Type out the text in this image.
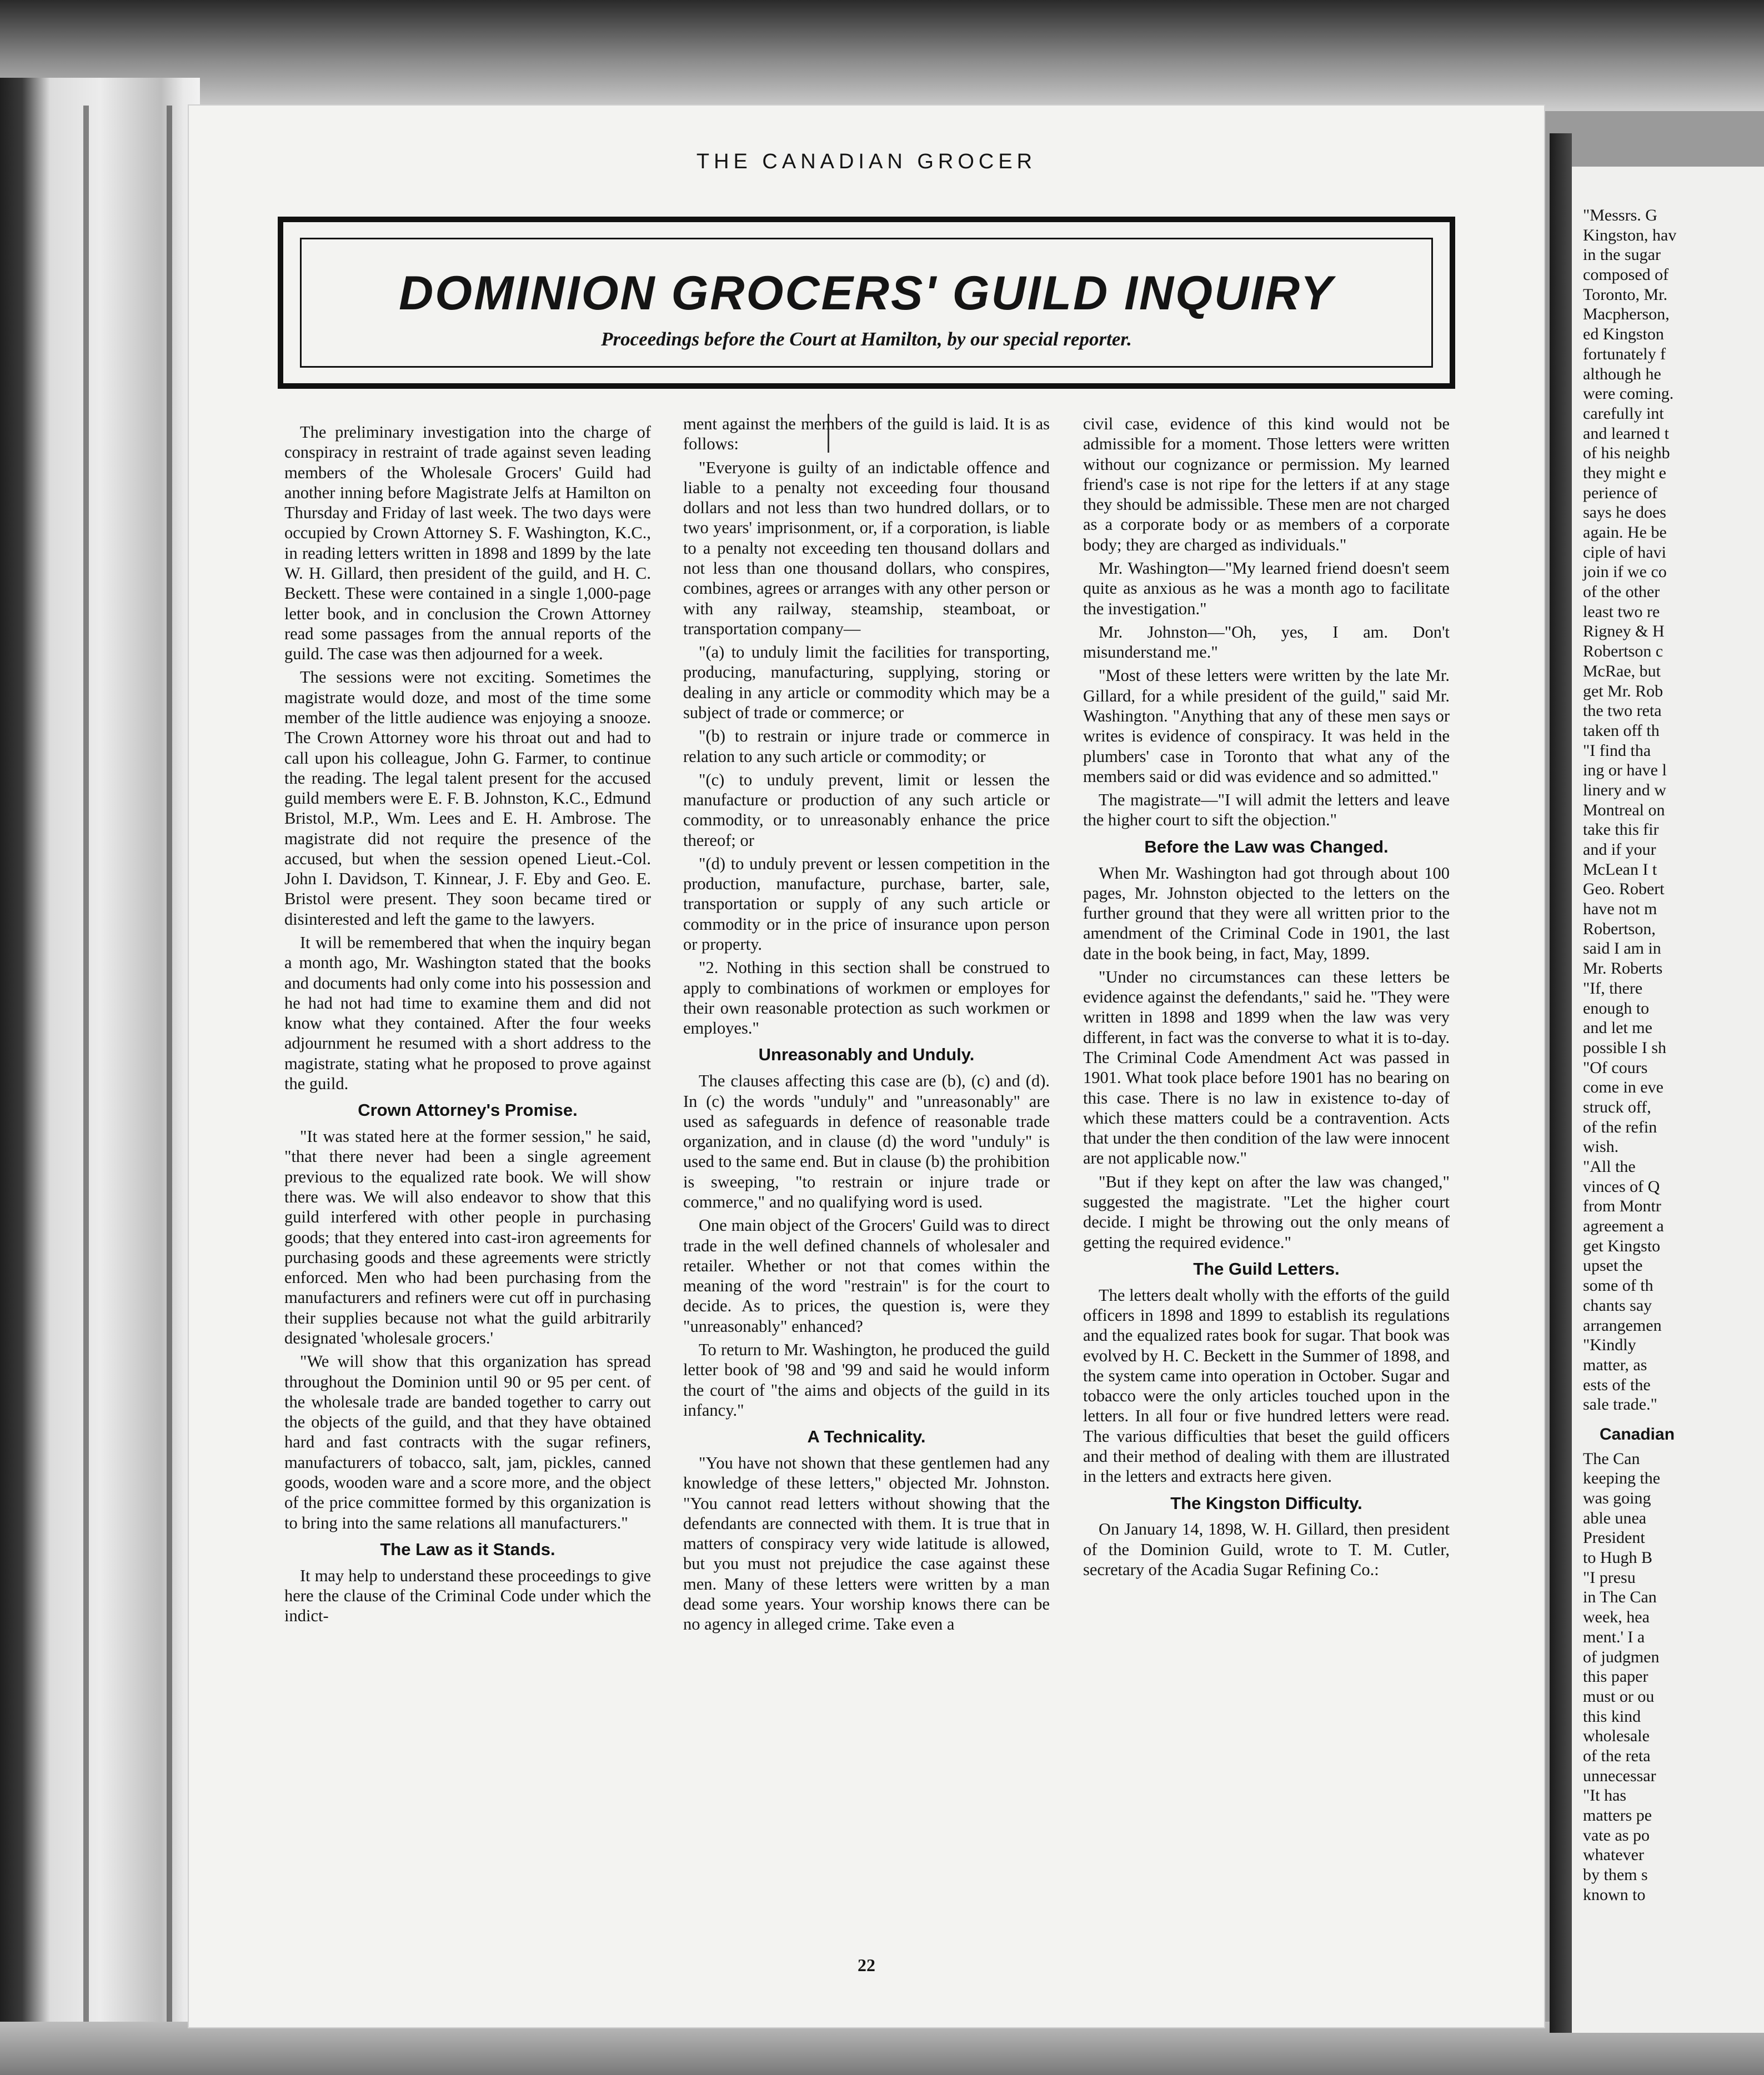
THE CANADIAN GROCER
DOMINION GROCERS' GUILD INQUIRY
Proceedings before the Court at Hamilton, by our special reporter.

The preliminary investigation into the charge of conspiracy in restraint of trade against seven leading members of the Wholesale Grocers' Guild had another inning before Magistrate Jelfs at Hamilton on Thursday and Friday of last week. The two days were occupied by Crown Attorney S. F. Washington, K.C., in reading letters written in 1898 and 1899 by the late W. H. Gillard, then president of the guild, and H. C. Beckett. These were contained in a single 1,000-page letter book, and in conclusion the Crown Attorney read some passages from the annual reports of the guild. The case was then adjourned for a week.

The sessions were not exciting. Sometimes the magistrate would doze, and most of the time some member of the little audience was enjoying a snooze. The Crown Attorney wore his throat out and had to call upon his colleague, John G. Farmer, to continue the reading. The legal talent present for the accused guild members were E. F. B. Johnston, K.C., Edmund Bristol, M.P., Wm. Lees and E. H. Ambrose. The magistrate did not require the presence of the accused, but when the session opened Lieut.-Col. John I. Davidson, T. Kinnear, J. F. Eby and Geo. E. Bristol were present. They soon became tired or disinterested and left the game to the lawyers.

It will be remembered that when the inquiry began a month ago, Mr. Washington stated that the books and documents had only come into his possession and he had not had time to examine them and did not know what they contained. After the four weeks adjournment he resumed with a short address to the magistrate, stating what he proposed to prove against the guild.

Crown Attorney's Promise.

"It was stated here at the former session," he said, "that there never had been a single agreement previous to the equalized rate book. We will show there was. We will also endeavor to show that this guild interfered with other people in purchasing goods; that they entered into cast-iron agreements for purchasing goods and these agreements were strictly enforced. Men who had been purchasing from the manufacturers and refiners were cut off in purchasing their supplies because not what the guild arbitrarily designated 'wholesale grocers.'

"We will show that this organization has spread throughout the Dominion until 90 or 95 per cent. of the wholesale trade are banded together to carry out the objects of the guild, and that they have obtained hard and fast contracts with the sugar refiners, manufacturers of tobacco, salt, jam, pickles, canned goods, wooden ware and a score more, and the object of the price committee formed by this organization is to bring into the same relations all manufacturers."

The Law as it Stands.

It may help to understand these proceedings to give here the clause of the Criminal Code under which the indict-

ment against the members of the guild is laid. It is as follows:

"Everyone is guilty of an indictable offence and liable to a penalty not exceeding four thousand dollars and not less than two hundred dollars, or to two years' imprisonment, or, if a corporation, is liable to a penalty not exceeding ten thousand dollars and not less than one thousand dollars, who conspires, combines, agrees or arranges with any other person or with any railway, steamship, steamboat, or transportation company—

"(a) to unduly limit the facilities for transporting, producing, manufacturing, supplying, storing or dealing in any article or commodity which may be a subject of trade or commerce; or

"(b) to restrain or injure trade or commerce in relation to any such article or commodity; or

"(c) to unduly prevent, limit or lessen the manufacture or production of any such article or commodity, or to unreasonably enhance the price thereof; or

"(d) to unduly prevent or lessen competition in the production, manufacture, purchase, barter, sale, transportation or supply of any such article or commodity or in the price of insurance upon person or property.

"2. Nothing in this section shall be construed to apply to combinations of workmen or employes for their own reasonable protection as such workmen or employes."

Unreasonably and Unduly.

The clauses affecting this case are (b), (c) and (d). In (c) the words "unduly" and "unreasonably" are used as safeguards in defence of reasonable trade organization, and in clause (d) the word "unduly" is used to the same end. But in clause (b) the prohibition is sweeping, "to restrain or injure trade or commerce," and no qualifying word is used.

One main object of the Grocers' Guild was to direct trade in the well defined channels of wholesaler and retailer. Whether or not that comes within the meaning of the word "restrain" is for the court to decide. As to prices, the question is, were they "unreasonably" enhanced?

To return to Mr. Washington, he produced the guild letter book of '98 and '99 and said he would inform the court of "the aims and objects of the guild in its infancy."

A Technicality.

"You have not shown that these gentlemen had any knowledge of these letters," objected Mr. Johnston. "You cannot read letters without showing that the defendants are connected with them. It is true that in matters of conspiracy very wide latitude is allowed, but you must not prejudice the case against these men. Many of these letters were written by a man dead some years. Your worship knows there can be no agency in alleged crime. Take even a

civil case, evidence of this kind would not be admissible for a moment. Those letters were written without our cognizance or permission. My learned friend's case is not ripe for the letters if at any stage they should be admissible. These men are not charged as a corporate body or as members of a corporate body; they are charged as individuals."

Mr. Washington—"My learned friend doesn't seem quite as anxious as he was a month ago to facilitate the investigation."

Mr. Johnston—"Oh, yes, I am. Don't misunderstand me."

"Most of these letters were written by the late Mr. Gillard, for a while president of the guild," said Mr. Washington. "Anything that any of these men says or writes is evidence of conspiracy. It was held in the plumbers' case in Toronto that what any of the members said or did was evidence and so admitted."

The magistrate—"I will admit the letters and leave the higher court to sift the objection."

Before the Law was Changed.

When Mr. Washington had got through about 100 pages, Mr. Johnston objected to the letters on the further ground that they were all written prior to the amendment of the Criminal Code in 1901, the last date in the book being, in fact, May, 1899.

"Under no circumstances can these letters be evidence against the defendants," said he. "They were written in 1898 and 1899 when the law was very different, in fact was the converse to what it is to-day. The Criminal Code Amendment Act was passed in 1901. What took place before 1901 has no bearing on this case. There is no law in existence to-day of which these matters could be a contravention. Acts that under the then condition of the law were innocent are not applicable now."

"But if they kept on after the law was changed," suggested the magistrate. "Let the higher court decide. I might be throwing out the only means of getting the required evidence."

The Guild Letters.

The letters dealt wholly with the efforts of the guild officers in 1898 and 1899 to establish its regulations and the equalized rates book for sugar. That book was evolved by H. C. Beckett in the Summer of 1898, and the system came into operation in October. Sugar and tobacco were the only articles touched upon in the letters. In all four or five hundred letters were read. The various difficulties that beset the guild officers and their method of dealing with them are illustrated in the letters and extracts here given.

The Kingston Difficulty.

On January 14, 1898, W. H. Gillard, then president of the Dominion Guild, wrote to T. M. Cutler, secretary of the Acadia Sugar Refining Co.:

22
"Messrs. G
Kingston, hav
in the sugar
composed of
Toronto, Mr.
Macpherson,
ed Kingston
fortunately f
although he
were coming.
carefully int
and learned t
of his neighb
they might e
perience of
says he does
again. He be
ciple of havi
join if we co
of the other
least two re
Rigney & H
Robertson c
McRae, but
get Mr. Rob
the two reta
taken off th
"I find tha
ing or have l
linery and w
Montreal on
take this fir
and if your
McLean I t
Geo. Robert
have not m
Robertson,
said I am in
Mr. Roberts
"If, there
enough to
and let me
possible I sh
"Of cours
come in eve
struck off,
of the refin
wish.
"All the
vinces of Q
from Montr
agreement a
get Kingsto
upset the
some of th
chants say
arrangemen
"Kindly
matter, as
ests of the
sale trade."
Canadian
The Can
keeping the
was going
able unea
President
to Hugh B
"I presu
in The Can
week, hea
ment.' I a
of judgmen
this paper
must or ou
this kind
wholesale
of the reta
unnecessar
"It has
matters pe
vate as po
whatever
by them s
known to
